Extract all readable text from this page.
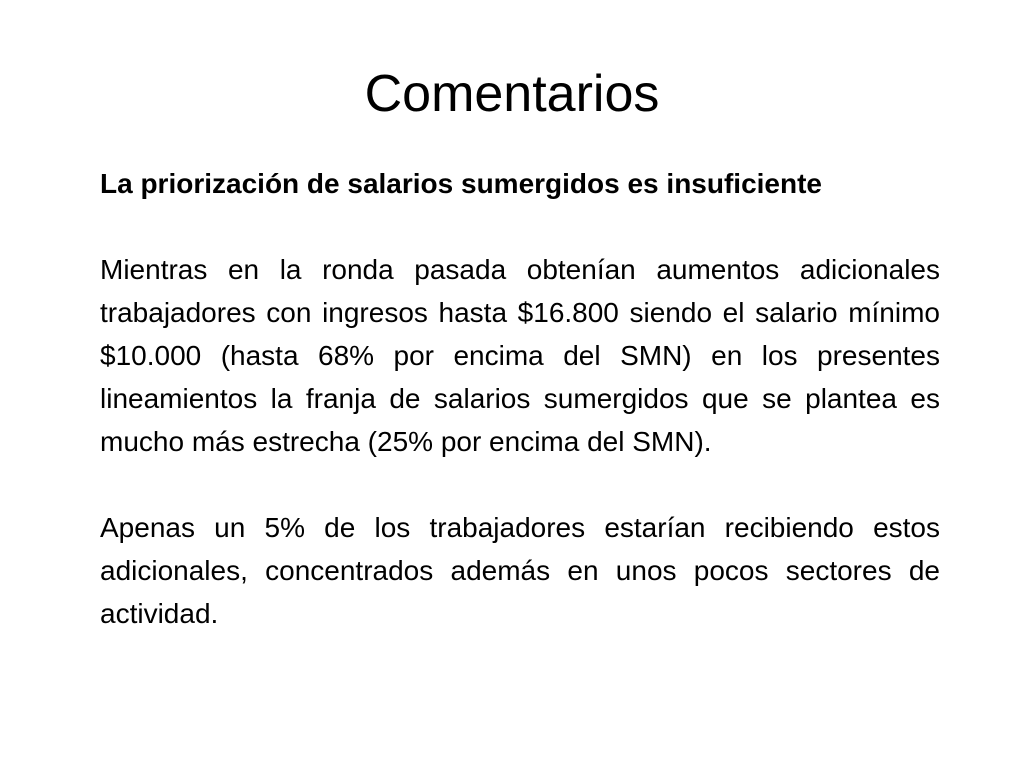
Comentarios

La priorización de salarios sumergidos es insuficiente

Mientras en la ronda pasada obtenían aumentos adicionales trabajadores con ingresos hasta $16.800 siendo el salario mínimo $10.000 (hasta 68% por encima del SMN) en los presentes lineamientos la franja de salarios sumergidos que se plantea es mucho más estrecha (25% por encima del SMN).

Apenas un 5% de los trabajadores estarían recibiendo estos adicionales, concentrados además en unos pocos sectores de actividad.
